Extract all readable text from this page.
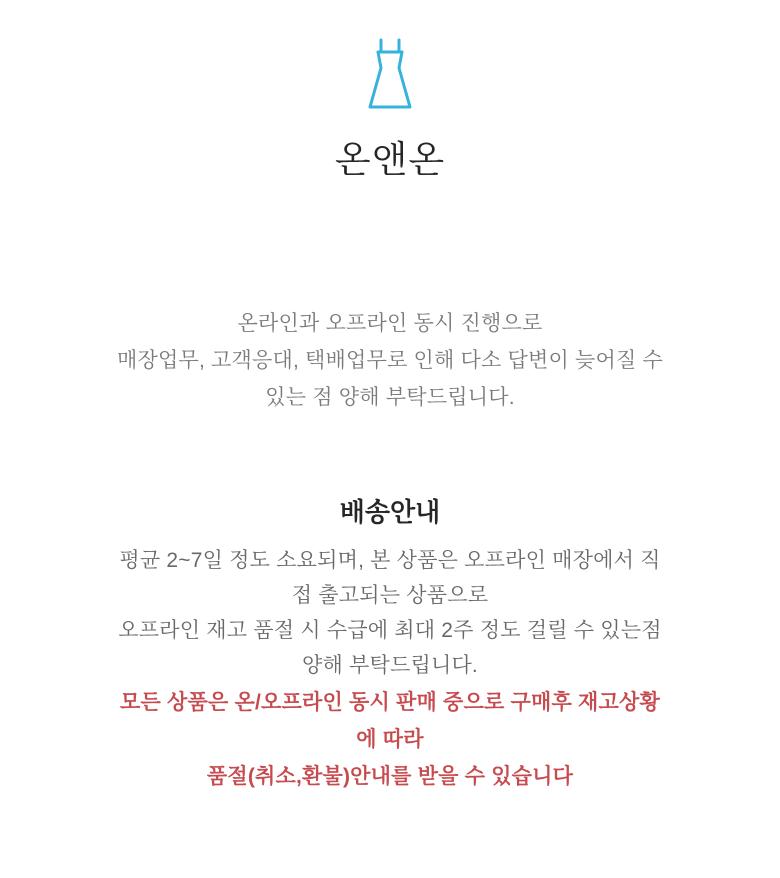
온앤온
온라인과 오프라인 동시 진행으로
매장업무, 고객응대, 택배업무로 인해 다소 답변이 늦어질 수
있는 점 양해 부탁드립니다.
배송안내
평균 2~7일 정도 소요되며, 본 상품은 오프라인 매장에서 직
접 출고되는 상품으로
오프라인 재고 품절 시 수급에 최대 2주 정도 걸릴 수 있는점
양해 부탁드립니다.
모든 상품은 온/오프라인 동시 판매 중으로 구매후 재고상황
에 따라
품절(취소,환불)안내를 받을 수 있습니다
